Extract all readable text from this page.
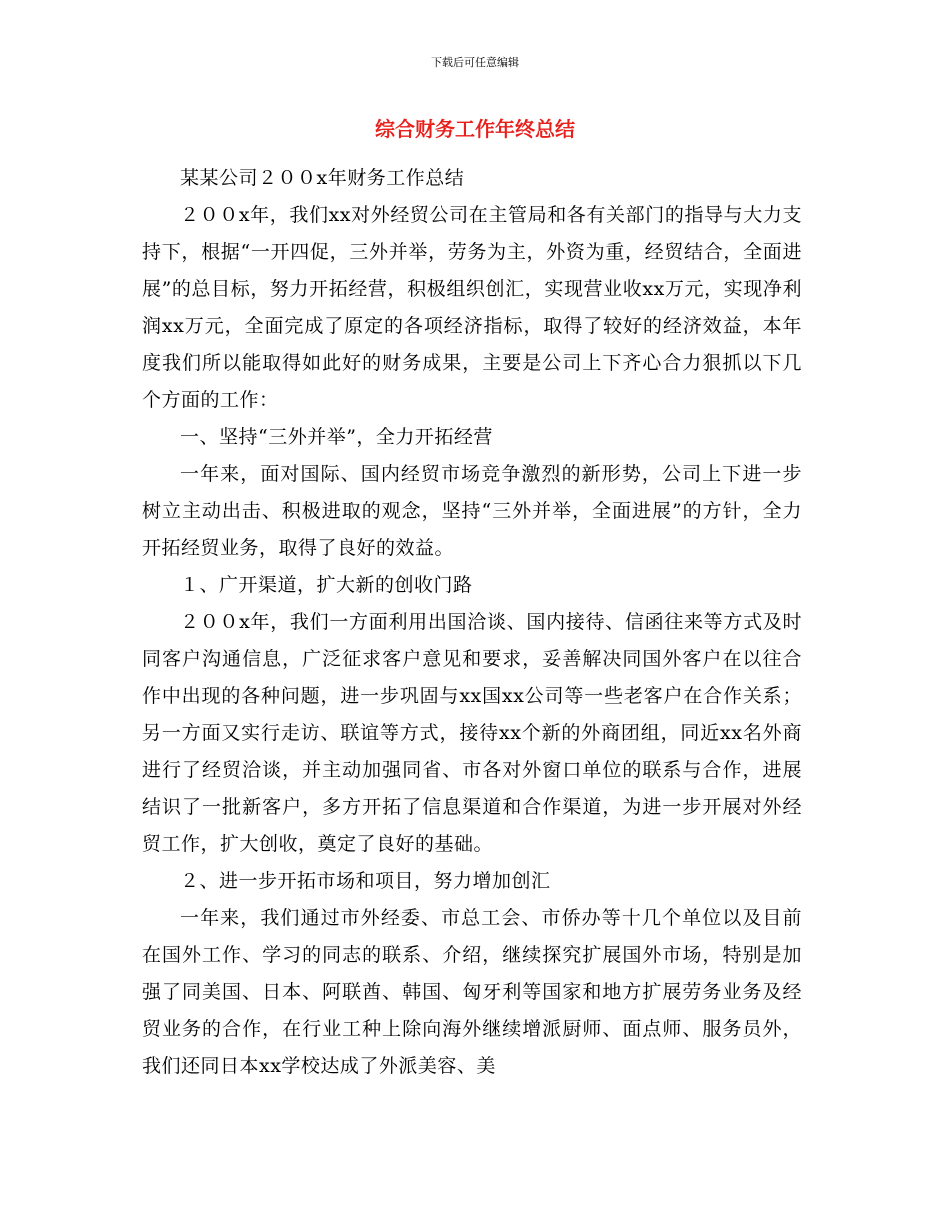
下载后可任意编辑
综合财务工作年终总结

某某公司２００x年财务工作总结

２００x年，我们xx对外经贸公司在主管局和各有关部门的指导与大力支持下，根据“一开四促，三外并举，劳务为主，外资为重，经贸结合，全面进展”的总目标，努力开拓经营，积极组织创汇，实现营业收xx万元，实现净利润xx万元，全面完成了原定的各项经济指标，取得了较好的经济效益，本年度我们所以能取得如此好的财务成果，主要是公司上下齐心合力狠抓以下几个方面的工作：

一、坚持“三外并举”，全力开拓经营

一年来，面对国际、国内经贸市场竞争激烈的新形势，公司上下进一步树立主动出击、积极进取的观念，坚持“三外并举，全面进展”的方针，全力开拓经贸业务，取得了良好的效益。

１、广开渠道，扩大新的创收门路

２００x年，我们一方面利用出国洽谈、国内接待、信函往来等方式及时同客户沟通信息，广泛征求客户意见和要求，妥善解决同国外客户在以往合作中出现的各种问题，进一步巩固与xx国xx公司等一些老客户在合作关系；另一方面又实行走访、联谊等方式，接待xx个新的外商团组，同近xx名外商进行了经贸洽谈，并主动加强同省、市各对外窗口单位的联系与合作，进展结识了一批新客户，多方开拓了信息渠道和合作渠道，为进一步开展对外经贸工作，扩大创收，奠定了良好的基础。

２、进一步开拓市场和项目，努力增加创汇

一年来，我们通过市外经委、市总工会、市侨办等十几个单位以及目前在国外工作、学习的同志的联系、介绍，继续探究扩展国外市场，特别是加强了同美国、日本、阿联酋、韩国、匈牙利等国家和地方扩展劳务业务及经贸业务的合作，在行业工种上除向海外继续增派厨师、面点师、服务员外，我们还同日本xx学校达成了外派美容、美
